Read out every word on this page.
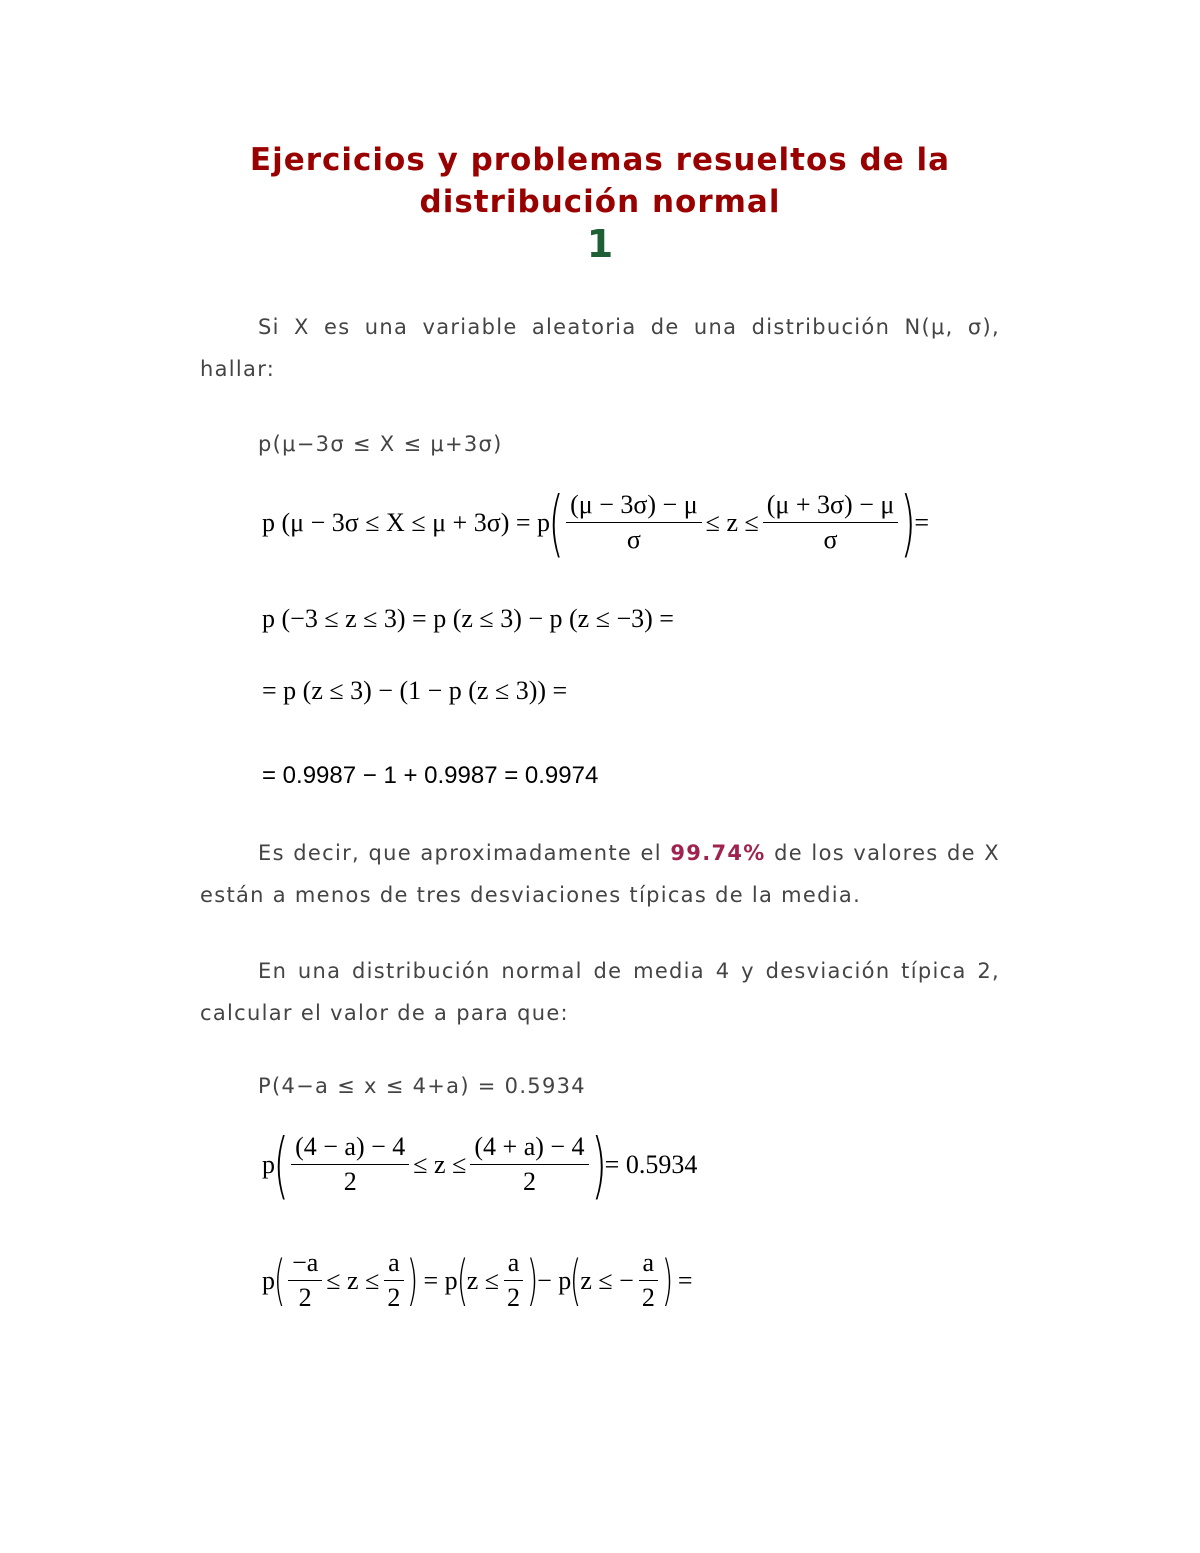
Ejercicios y problemas resueltos de la
distribución normal
1
Si X es una variable aleatoria de una distribución N(μ, σ), hallar:
p(μ−3σ ≤ X ≤ μ+3σ)
p (μ − 3σ ≤ X ≤ μ + 3σ) = p
( $\frac{(\mu - 3\sigma) - \mu}{\sigma} \le z \le \frac{(\mu + 3\sigma) - \mu}{\sigma}$ )
=
p (−3 ≤ z ≤ 3) = p (z ≤ 3) − p (z ≤ −3) =
= p (z ≤ 3) − (1 − p (z ≤ 3)) =
= 0.9987 − 1 + 0.9987 = 0.9974
Es decir, que aproximadamente el 99.74% de los valores de X están a menos de tres desviaciones típicas de la media.
En una distribución normal de media 4 y desviación típica 2, calcular el valor de a para que:
P(4−a ≤ x ≤ 4+a) = 0.5934
p
( $\frac{(4 - a) - 4}{2} \le z \le \frac{(4 + a) - 4}{2}$ )
= 0.5934
p
( $\frac{-a}{2} \le z \le \frac{a}{2}$ ) = p
(
$z \le \frac{a}{2}$ )
− p
(
z ≤ − $\frac{a}{2}$ ) =
